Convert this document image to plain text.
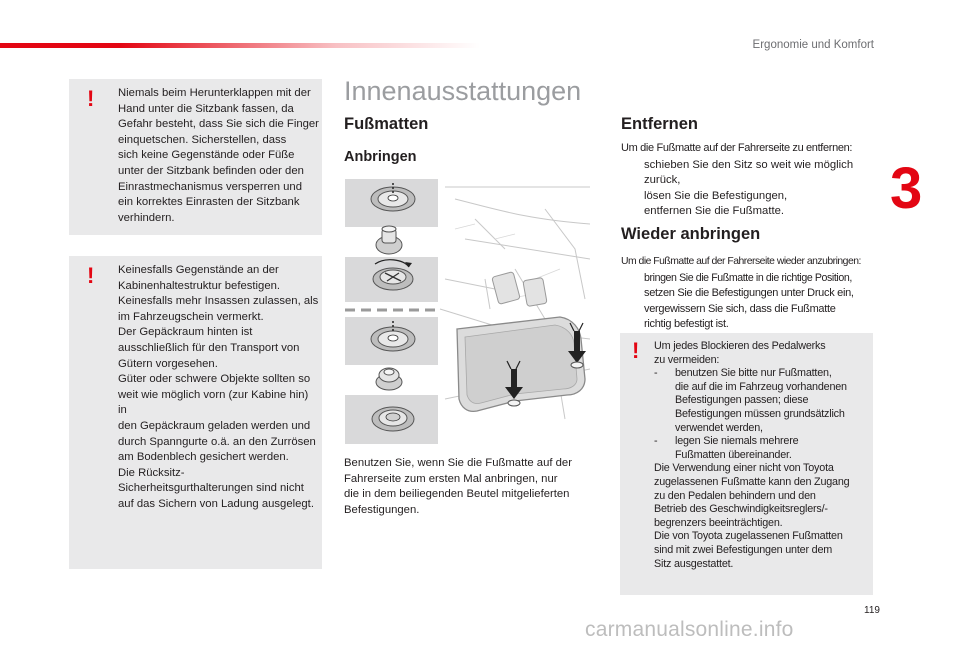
Ergonomie und Komfort
3
119
carmanualsonline.info
! Niemals beim Herunterklappen mit der
Hand unter die Sitzbank fassen, da
Gefahr besteht, dass Sie sich die Finger
einquetschen. Sicherstellen, dass
sich keine Gegenstände oder Füße
unter der Sitzbank befinden oder den
Einrastmechanismus versperren und
ein korrektes Einrasten der Sitzbank
verhindern.
! Keinesfalls Gegenstände an der
Kabinenhaltestruktur befestigen.
Keinesfalls mehr Insassen zulassen, als
im Fahrzeugschein vermerkt.
Der Gepäckraum hinten ist
ausschließlich für den Transport von
Gütern vorgesehen.
Güter oder schwere Objekte sollten so
weit wie möglich vorn (zur Kabine hin) in
den Gepäckraum geladen werden und
durch Spanngurte o.ä. an den Zurrösen
am Bodenblech gesichert werden.
Die Rücksitz-
Sicherheitsgurthalterungen sind nicht
auf das Sichern von Ladung ausgelegt.
Innenausstattungen
Fußmatten
Anbringen
Benutzen Sie, wenn Sie die Fußmatte auf der
Fahrerseite zum ersten Mal anbringen, nur
die in dem beiliegenden Beutel mitgelieferten
Befestigungen.
Entfernen
Um die Fußmatte auf der Fahrerseite zu entfernen:
schieben Sie den Sitz so weit wie möglich
zurück,
lösen Sie die Befestigungen,
entfernen Sie die Fußmatte.
Wieder anbringen
Um die Fußmatte auf der Fahrerseite wieder anzubringen:
bringen Sie die Fußmatte in die richtige Position,
setzen Sie die Befestigungen unter Druck ein,
vergewissern Sie sich, dass die Fußmatte
richtig befestigt ist.
! Um jedes Blockieren des Pedalwerks
zu vermeiden:
-	benutzen Sie bitte nur Fußmatten,
die auf die im Fahrzeug vorhandenen
Befestigungen passen; diese
Befestigungen müssen grundsätzlich
verwendet werden,
-	legen Sie niemals mehrere
Fußmatten übereinander.
Die Verwendung einer nicht von Toyota
zugelassenen Fußmatte kann den Zugang
zu den Pedalen behindern und den
Betrieb des Geschwindigkeitsreglers/-
begrenzers beeinträchtigen.
Die von Toyota zugelassenen Fußmatten
sind mit zwei Befestigungen unter dem
Sitz ausgestattet.
